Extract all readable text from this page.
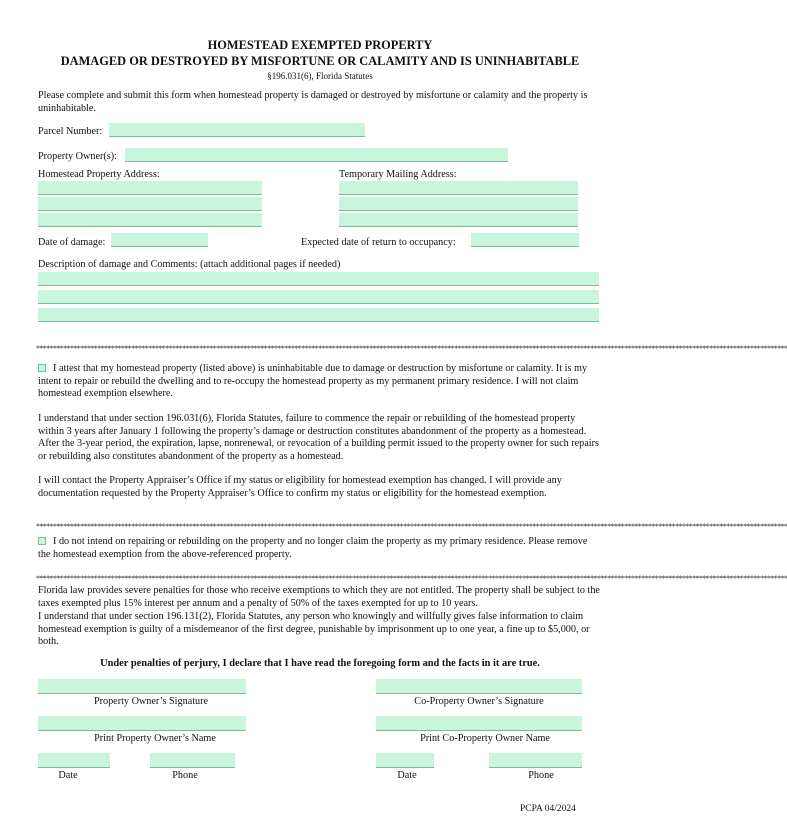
HOMESTEAD EXEMPTED PROPERTY
DAMAGED OR DESTROYED BY MISFORTUNE OR CALAMITY AND IS UNINHABITABLE
§196.031(6), Florida Statutes
Please complete and submit this form when homestead property is damaged or destroyed by misfortune or calamity and the property is uninhabitable.
Parcel Number:
Property Owner(s):
Homestead Property Address:	Temporary Mailing Address:
Date of damage:	Expected date of return to occupancy:
Description of damage and Comments: (attach additional pages if needed)
*****************************************************************************************************************************************************************************************************************************
I attest that my homestead property (listed above) is uninhabitable due to damage or destruction by misfortune or calamity. It is my intent to repair or rebuild the dwelling and to re-occupy the homestead property as my permanent primary residence. I will not claim homestead exemption elsewhere.
I understand that under section 196.031(6), Florida Statutes, failure to commence the repair or rebuilding of the homestead property within 3 years after January 1 following the property’s damage or destruction constitutes abandonment of the property as a homestead. After the 3-year period, the expiration, lapse, nonrenewal, or revocation of a building permit issued to the property owner for such repairs or rebuilding also constitutes abandonment of the property as a homestead.
I will contact the Property Appraiser’s Office if my status or eligibility for homestead exemption has changed. I will provide any documentation requested by the Property Appraiser’s Office to confirm my status or eligibility for the homestead exemption.
*****************************************************************************************************************************************************************************************************************************
I do not intend on repairing or rebuilding on the property and no longer claim the property as my primary residence. Please remove the homestead exemption from the above-referenced property.
*****************************************************************************************************************************************************************************************************************************
Florida law provides severe penalties for those who receive exemptions to which they are not entitled. The property shall be subject to the taxes exempted plus 15% interest per annum and a penalty of 50% of the taxes exempted for up to 10 years.
I understand that under section 196.131(2), Florida Statutes, any person who knowingly and willfully gives false information to claim homestead exemption is guilty of a misdemeanor of the first degree, punishable by imprisonment up to one year, a fine up to $5,000, or both.
Under penalties of perjury, I declare that I have read the foregoing form and the facts in it are true.
Property Owner’s Signature	Co-Property Owner’s Signature
Print Property Owner’s Name	Print Co-Property Owner Name
Date	Phone	Date	Phone
PCPA 04/2024
